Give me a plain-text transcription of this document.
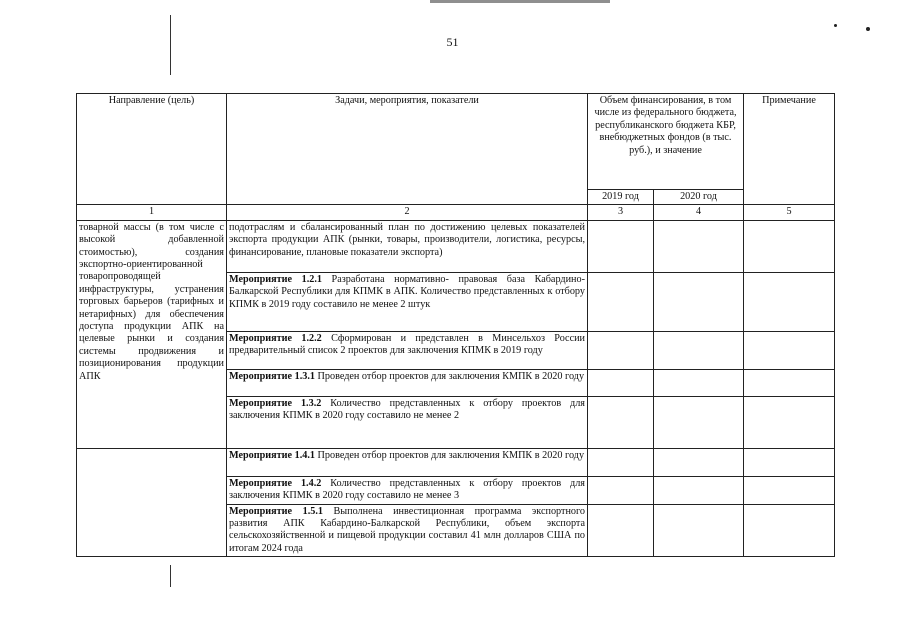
51
Направление (цель)	Задачи, мероприятия, показатели	Объем финансирования, в том числе из федерального бюджета, республиканского бюджета КБР, внебюджетных фондов (в тыс. руб.), и значение		Примечание
		2019 год	2020 год	
1	2	3	4	5
товарной массы (в том числе с высокой добавленной стоимостью), создания экспортно-ориентированной товаропроводящей инфраструктуры, устранения торговых барьеров (тарифных и нетарифных) для обеспечения доступа продукции АПК на целевые рынки и создания системы продвижения и позиционирования продукции АПК	подотраслям и сбалансированный план по достижению целевых показателей экспорта продукции АПК (рынки, товары, производители, логистика, ресурсы, финансирование, плановые показатели экспорта)			
	Мероприятие 1.2.1 Разработана нормативно- правовая база Кабардино-Балкарской Республики для КПМК в АПК. Количество представленных к отбору КПМК в 2019 году составило не менее 2 штук			
	Мероприятие 1.2.2 Сформирован и представлен в Минсельхоз России предварительный список 2 проектов для заключения КПМК в 2019 году			
	Мероприятие 1.3.1 Проведен отбор проектов для заключения КМПК в 2020 году			
	Мероприятие 1.3.2 Количество представленных к отбору проектов для заключения КПМК в 2020 году составило не менее 2			
	Мероприятие 1.4.1 Проведен отбор проектов для заключения КМПК в 2020 году			
	Мероприятие 1.4.2 Количество представленных к отбору проектов для заключения КПМК в 2020 году составило не менее 3			
	Мероприятие 1.5.1 Выполнена инвестиционная программа экспортного развития АПК Кабардино-Балкарской Республики, объем экспорта сельскохозяйственной и пищевой продукции составил 41 млн долларов США по итогам 2024 года			
